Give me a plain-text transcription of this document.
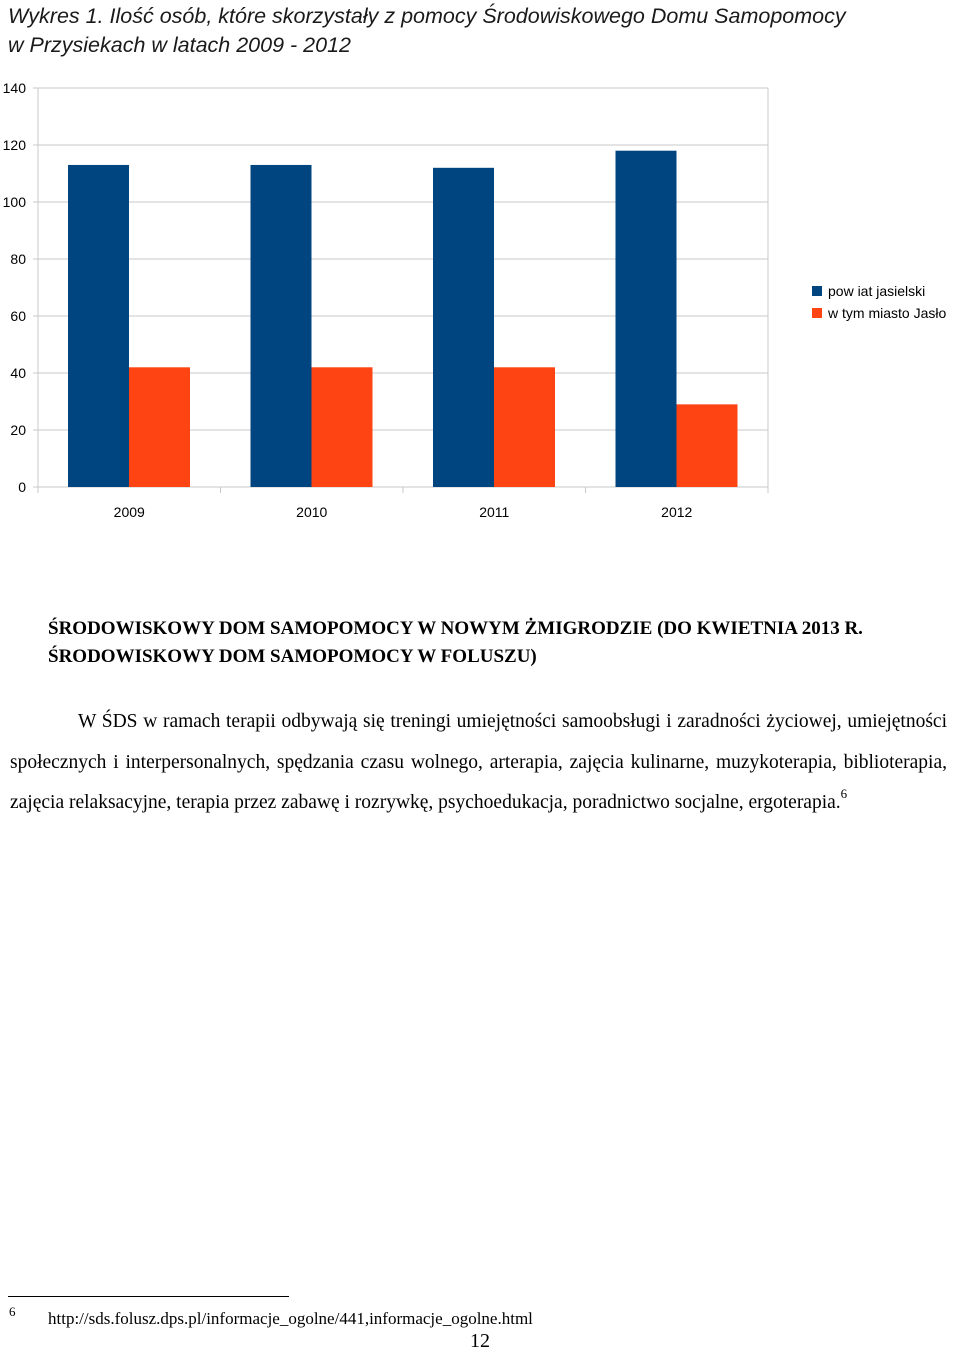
Wykres 1. Ilość osób, które skorzystały z pomocy Środowiskowego Domu Samopomocy
w Przysiekach w latach 2009 - 2012
0
20
40
60
80
100
120
140
2009	2010	2011	2012
pow iat jasielski
w tym miasto Jasło
ŚRODOWISKOWY DOM SAMOPOMOCY W NOWYM ŻMIGRODZIE (DO KWIETNIA 2013 R.
ŚRODOWISKOWY DOM SAMOPOMOCY W FOLUSZU)

W ŚDS w ramach terapii odbywają się treningi umiejętności samoobsługi i zaradności życiowej, umiejętności społecznych i interpersonalnych, spędzania czasu wolnego, arterapia, zajęcia kulinarne, muzykoterapia, biblioterapia, zajęcia relaksacyjne, terapia przez zabawę i rozrywkę, psychoedukacja, poradnictwo socjalne, ergoterapia.$^6$

6 http://sds.folusz.dps.pl/informacje_ogolne/441,informacje_ogolne.html
12
